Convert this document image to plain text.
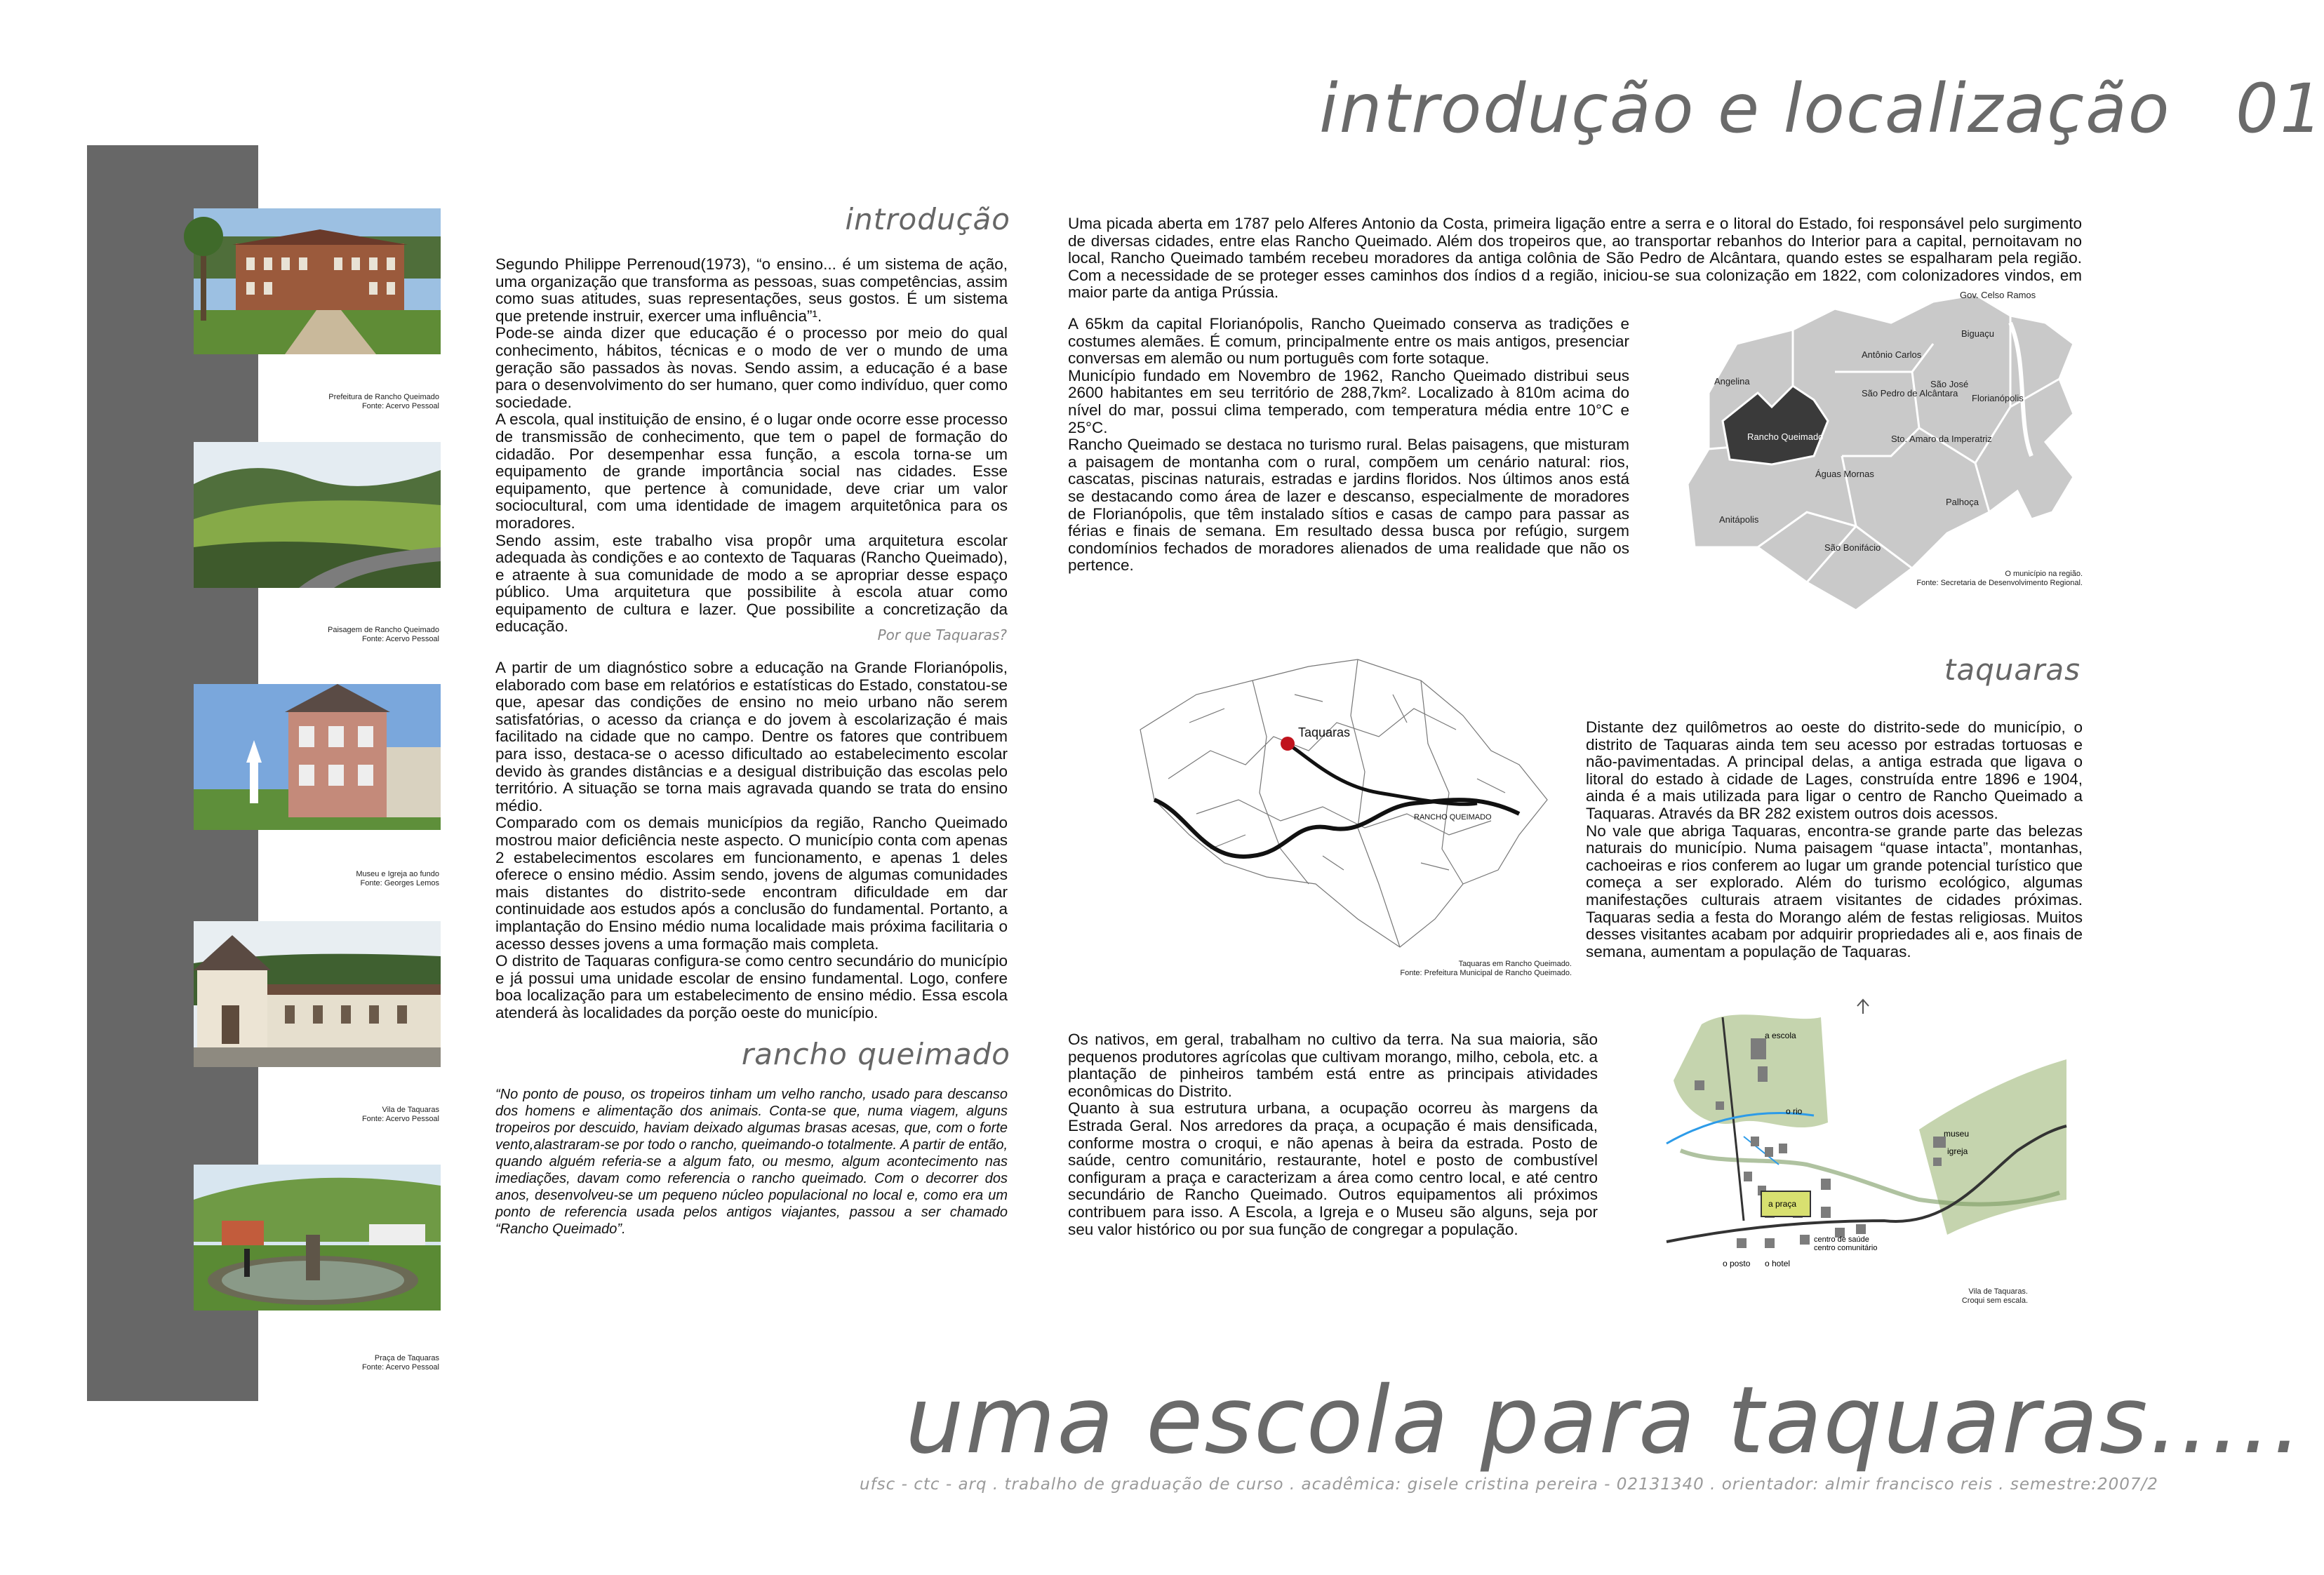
introdução e localização 01
Prefeitura de Rancho Queimado
Fonte: Acervo Pessoal
Paisagem de Rancho Queimado
Fonte: Acervo Pessoal
Museu e Igreja ao fundo
Fonte: Georges Lemos
Vila de Taquaras
Fonte: Acervo Pessoal
Praça de Taquaras
Fonte: Acervo Pessoal
introdução
Segundo Philippe Perrenoud(1973), “o ensino... é um sistema de ação, uma organização que transforma as pessoas, suas competências, assim como suas atitudes, suas representações, seus gostos. É um sistema que pretende instruir, exercer uma influência”¹.
Pode-se ainda dizer que educação é o processo por meio do qual conhecimento, hábitos, técnicas e o modo de ver o mundo de uma geração são passados às novas. Sendo assim, a educação é a base para o desenvolvimento do ser humano, quer como indivíduo, quer como sociedade.
A escola, qual instituição de ensino, é o lugar onde ocorre esse processo de transmissão de conhecimento, que tem o papel de formação do cidadão. Por desempenhar essa função, a escola torna-se um equipamento de grande importância social nas cidades. Esse equipamento, que pertence à comunidade, deve criar um valor sociocultural, com uma identidade de imagem arquitetônica para os moradores.
Sendo assim, este trabalho visa propôr uma arquitetura escolar adequada às condições e ao contexto de Taquaras (Rancho Queimado), e atraente à sua comunidade de modo a se apropriar desse espaço público. Uma arquitetura que possibilite à escola atuar como equipamento de cultura e lazer. Que possibilite a concretização da educação.	Por que Taquaras?
A partir de um diagnóstico sobre a educação na Grande Florianópolis, elaborado com base em relatórios e estatísticas do Estado, constatou-se que, apesar das condições de ensino no meio urbano não serem satisfatórias, o acesso da criança e do jovem à escolarização é mais facilitado na cidade que no campo. Dentre os fatores que contribuem para isso, destaca-se o acesso dificultado ao estabelecimento escolar devido às grandes distâncias e a desigual distribuição das escolas pelo território. A situação se torna mais agravada quando se trata do ensino médio.
Comparado com os demais municípios da região, Rancho Queimado mostrou maior deficiência neste aspecto. O município conta com apenas 2 estabelecimentos escolares em funcionamento, e apenas 1 deles oferece o ensino médio. Assim sendo, jovens de algumas comunidades mais distantes do distrito-sede encontram dificuldade em dar continuidade aos estudos após a conclusão do fundamental. Portanto, a implantação do Ensino médio numa localidade mais próxima facilitaria o acesso desses jovens a uma formação mais completa.
O distrito de Taquaras configura-se como centro secundário do município e já possui uma unidade escolar de ensino fundamental. Logo, confere boa localização para um estabelecimento de ensino médio. Essa escola atenderá às localidades da porção oeste do município.
rancho queimado
“No ponto de pouso, os tropeiros tinham um velho rancho, usado para descanso dos homens e alimentação dos animais. Conta-se que, numa viagem, alguns tropeiros por descuido, haviam deixado algumas brasas acesas, que, com o forte vento,alastraram-se por todo o rancho, queimando-o totalmente. A partir de então, quando alguém referia-se a algum fato, ou mesmo, algum acontecimento nas imediações, davam como referencia o rancho queimado. Com o decorrer dos anos, desenvolveu-se um pequeno núcleo populacional no local e, como era um ponto de referencia usada pelos antigos viajantes, passou a ser chamado “Rancho Queimado”.
Uma picada aberta em 1787 pelo Alferes Antonio da Costa, primeira ligação entre a serra e o litoral do Estado, foi responsável pelo surgimento de diversas cidades, entre elas Rancho Queimado. Além dos tropeiros que, ao transportar rebanhos do Interior para a capital, pernoitavam no local, Rancho Queimado também recebeu moradores da antiga colônia de São Pedro de Alcântara, quando estes se espalharam pela região. Com a necessidade de se proteger esses caminhos dos índios d a região, iniciou-se sua colonização em 1822, com colonizadores vindos, em maior parte da antiga Prússia.
A 65km da capital Florianópolis, Rancho Queimado conserva as tradições e costumes alemães. É comum, principalmente entre os mais antigos, presenciar conversas em alemão ou num português com forte sotaque.
Município fundado em Novembro de 1962, Rancho Queimado distribui seus 2600 habitantes em seu território de 288,7km². Localizado à 810m acima do nível do mar, possui clima temperado, com temperatura média entre 10°C e 25°C.
Rancho Queimado se destaca no turismo rural. Belas paisagens, que misturam a paisagem de montanha com o rural, compõem um cenário natural: rios, cascatas, piscinas naturais, estradas e jardins floridos. Nos últimos anos está se destacando como área de lazer e descanso, especialmente de moradores de Florianópolis, que têm instalado sítios e casas de campo para passar as férias e finais de semana. Em resultado dessa busca por refúgio, surgem condomínios fechados de moradores alienados de uma realidade que não os pertence.
Gov. Celso Ramos
Biguaçu
Antônio Carlos
Angelina
São Pedro de Alcântara
São José
Florianópolis
Rancho Queimado
Águas Mornas
Sto. Amaro da Imperatriz
Palhoça
Anitápolis
São Bonifácio
O município na região.
Fonte: Secretaria de Desenvolvimento Regional.
Taquaras
RANCHO QUEIMADO
Taquaras em Rancho Queimado.
Fonte: Prefeitura Municipal de Rancho Queimado.
taquaras
Distante dez quilômetros ao oeste do distrito-sede do município, o distrito de Taquaras ainda tem seu acesso por estradas tortuosas e não-pavimentadas. A principal delas, a antiga estrada que ligava o litoral do estado à cidade de Lages, construída entre 1896 e 1904, ainda é a mais utilizada para ligar o centro de Rancho Queimado a Taquaras. Através da BR 282 existem outros dois acessos.
No vale que abriga Taquaras, encontra-se grande parte das belezas naturais do município. Numa paisagem “quase intacta”, montanhas, cachoeiras e rios conferem ao lugar um grande potencial turístico que começa a ser explorado. Além do turismo ecológico, algumas manifestações culturais atraem visitantes de cidades próximas. Taquaras sedia a festa do Morango além de festas religiosas. Muitos desses visitantes acabam por adquirir propriedades ali e, aos finais de semana, aumentam a população de Taquaras.
Os nativos, em geral, trabalham no cultivo da terra. Na sua maioria, são pequenos produtores agrícolas que cultivam morango, milho, cebola, etc. a plantação de pinheiros também está entre as principais atividades econômicas do Distrito.
Quanto à sua estrutura urbana, a ocupação ocorreu às margens da Estrada Geral. Nos arredores da praça, a ocupação é mais densificada, conforme mostra o croqui, e não apenas à beira da estrada. Posto de saúde, centro comunitário, restaurante, hotel e posto de combustível configuram a praça e caracterizam a área como centro local, e até centro secundário de Rancho Queimado. Outros equipamentos ali próximos contribuem para isso. A Escola, a Igreja e o Museu são alguns, seja por seu valor histórico ou por sua função de congregar a população.
a escola
o rio
museu
igreja
a praça
centro de saúde
centro comunitário
o posto o hotel
Vila de Taquaras.
Croqui sem escala.
uma escola para taquaras.....
ufsc - ctc - arq . trabalho de graduação de curso . acadêmica: gisele cristina pereira - 02131340 . orientador: almir francisco reis . semestre:2007/2
